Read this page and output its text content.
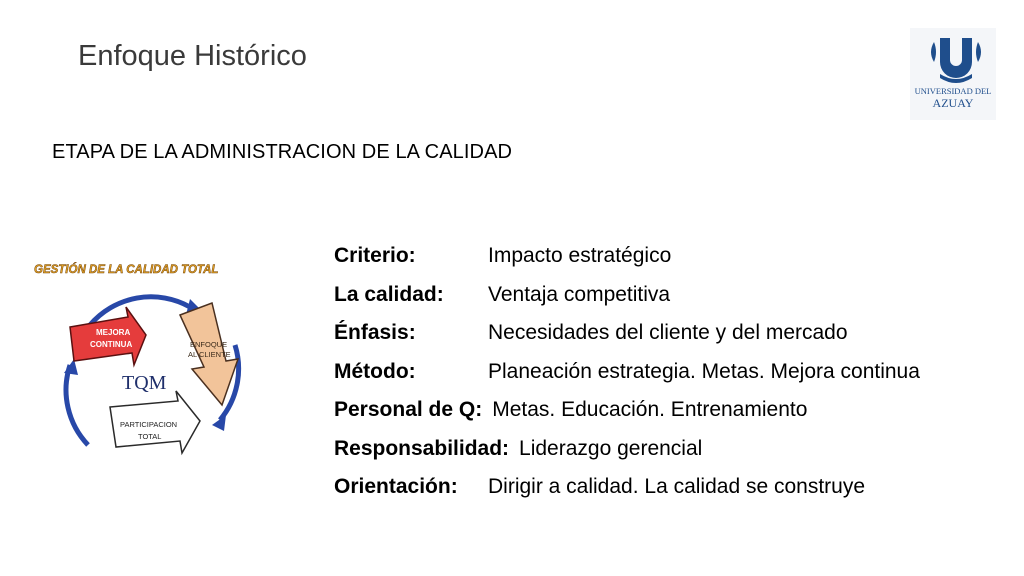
Enfoque Histórico
UNIVERSIDAD DEL
AZUAY
ETAPA DE LA ADMINISTRACION DE LA CALIDAD
GESTIÓN DE LA CALIDAD TOTAL
MEJORA
CONTINUA	ENFOQUE
AL CLIENTE
TQM
PARTICIPACION
TOTAL
Criterio:	Impacto estratégico
La calidad:	Ventaja competitiva
Énfasis:	Necesidades del cliente y del mercado
Método:	Planeación estrategia. Metas. Mejora continua
Personal de Q: Metas. Educación. Entrenamiento
Responsabilidad: Liderazgo gerencial
Orientación:	Dirigir a calidad. La calidad se construye
